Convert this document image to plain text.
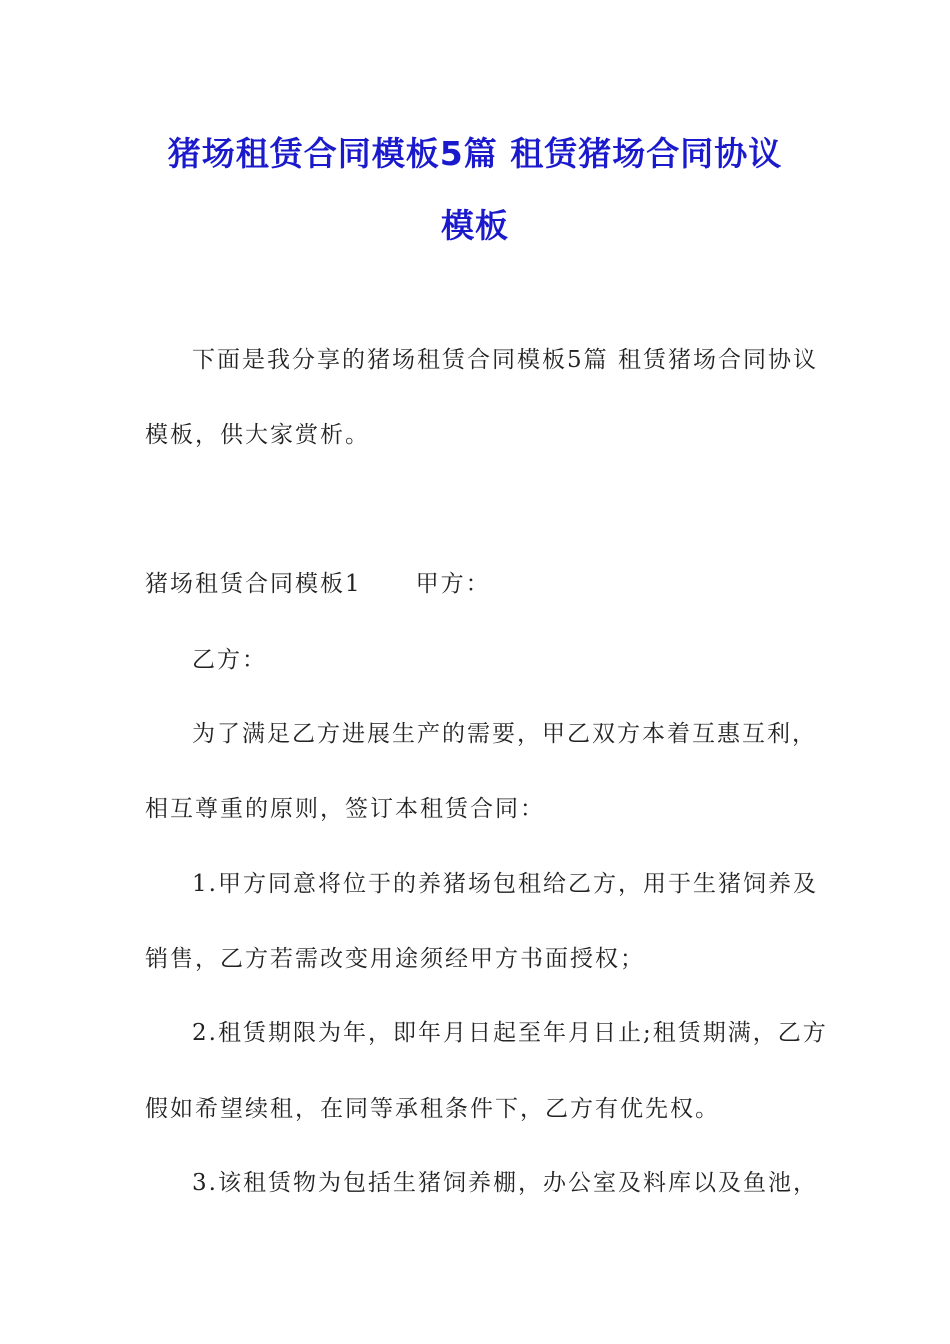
猪场租赁合同模板5篇 租赁猪场合同协议
模板
下面是我分享的猪场租赁合同模板5篇 租赁猪场合同协议
模板，供大家赏析。
猪场租赁合同模板1 甲方：
乙方：
为了满足乙方进展生产的需要，甲乙双方本着互惠互利，
相互尊重的原则，签订本租赁合同：
1.甲方同意将位于的养猪场包租给乙方，用于生猪饲养及
销售，乙方若需改变用途须经甲方书面授权；
2.租赁期限为年，即年月日起至年月日止;租赁期满，乙方
假如希望续租，在同等承租条件下，乙方有优先权。
3.该租赁物为包括生猪饲养棚，办公室及料库以及鱼池，
